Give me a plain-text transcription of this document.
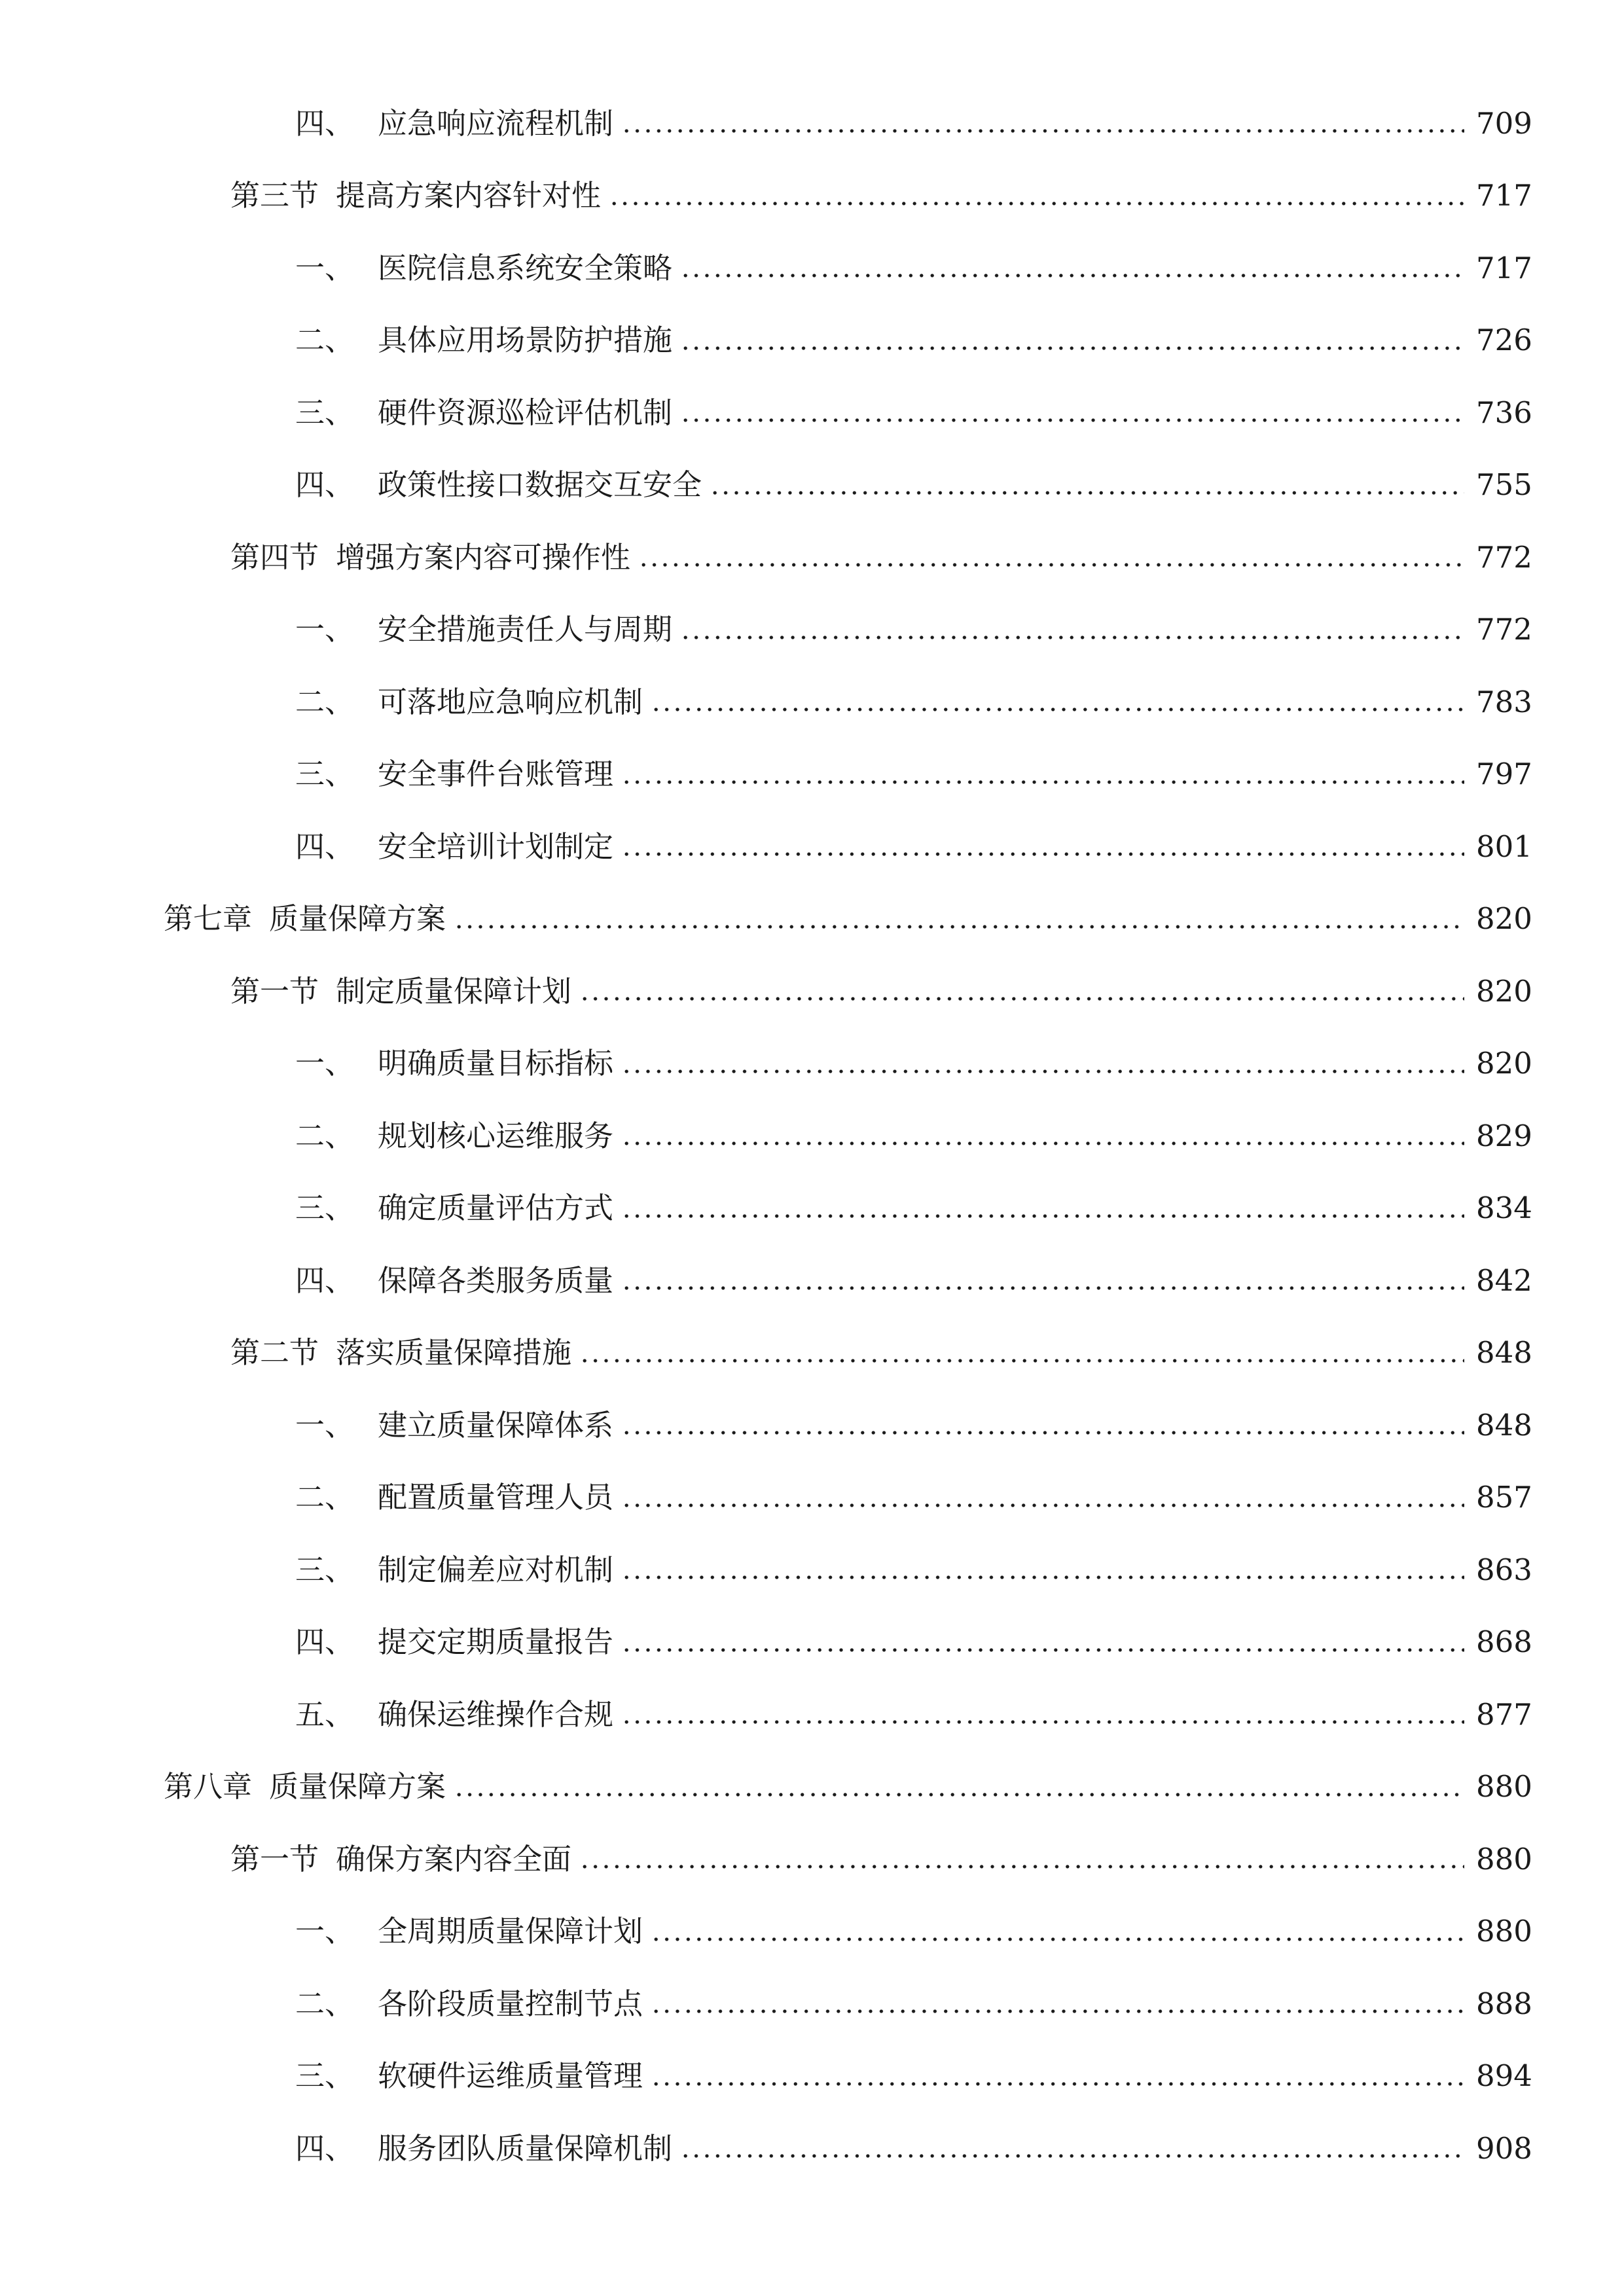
四、 应急响应流程机制	709
第三节 提高方案内容针对性	717
一、 医院信息系统安全策略	717
二、 具体应用场景防护措施	726
三、 硬件资源巡检评估机制	736
四、 政策性接口数据交互安全	755
第四节 增强方案内容可操作性	772
一、 安全措施责任人与周期	772
二、 可落地应急响应机制	783
三、 安全事件台账管理	797
四、 安全培训计划制定	801
第七章 质量保障方案	820
第一节 制定质量保障计划	820
一、 明确质量目标指标	820
二、 规划核心运维服务	829
三、 确定质量评估方式	834
四、 保障各类服务质量	842
第二节 落实质量保障措施	848
一、 建立质量保障体系	848
二、 配置质量管理人员	857
三、 制定偏差应对机制	863
四、 提交定期质量报告	868
五、 确保运维操作合规	877
第八章 质量保障方案	880
第一节 确保方案内容全面	880
一、 全周期质量保障计划	880
二、 各阶段质量控制节点	888
三、 软硬件运维质量管理	894
四、 服务团队质量保障机制	908
